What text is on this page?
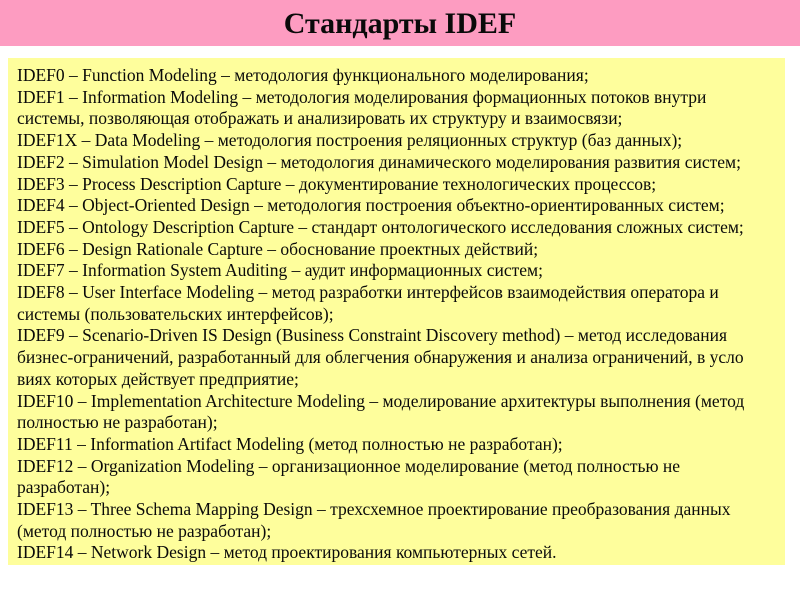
Стандарты IDEF
IDEF0 – Function Modeling – методология функционального моделирования;
IDEF1 – Information Modeling – методология моделирования формационных потоков внутри
системы, позволяющая отображать и анализировать их структуру и взаимосвязи;
IDEF1X – Data Modeling – методология построения реляционных структур (баз данных);
IDEF2 – Simulation Model Design – методология динамического моделирования развития систем;
IDEF3 – Process Description Capture – документирование технологических процессов;
IDEF4 – Object-Oriented Design – методология построения объектно-ориентированных систем;
IDEF5 – Ontology Description Capture – стандарт онтологического исследования сложных систем;
IDEF6 – Design Rationale Capture – обоснование проектных действий;
IDEF7 – Information System Auditing – аудит информационных систем;
IDEF8 – User Interface Modeling – метод разработки интерфейсов взаимодействия оператора и
системы (пользовательских интерфейсов);
IDEF9 – Scenario-Driven IS Design (Business Constraint Discovery method) – метод исследования
бизнес-ограничений, разработанный для облегчения обнаружения и анализа ограничений, в усло
виях которых действует предприятие;
IDEF10 – Implementation Architecture Modeling – моделирование архитектуры выполнения (метод
полностью не разработан);
IDEF11 – Information Artifact Modeling (метод полностью не разработан);
IDEF12 – Organization Modeling – организационное моделирование (метод полностью не
разработан);
IDEF13 – Three Schema Mapping Design – трехсхемное проектирование преобразования данных
(метод полностью не разработан);
IDEF14 – Network Design – метод проектирования компьютерных сетей.
